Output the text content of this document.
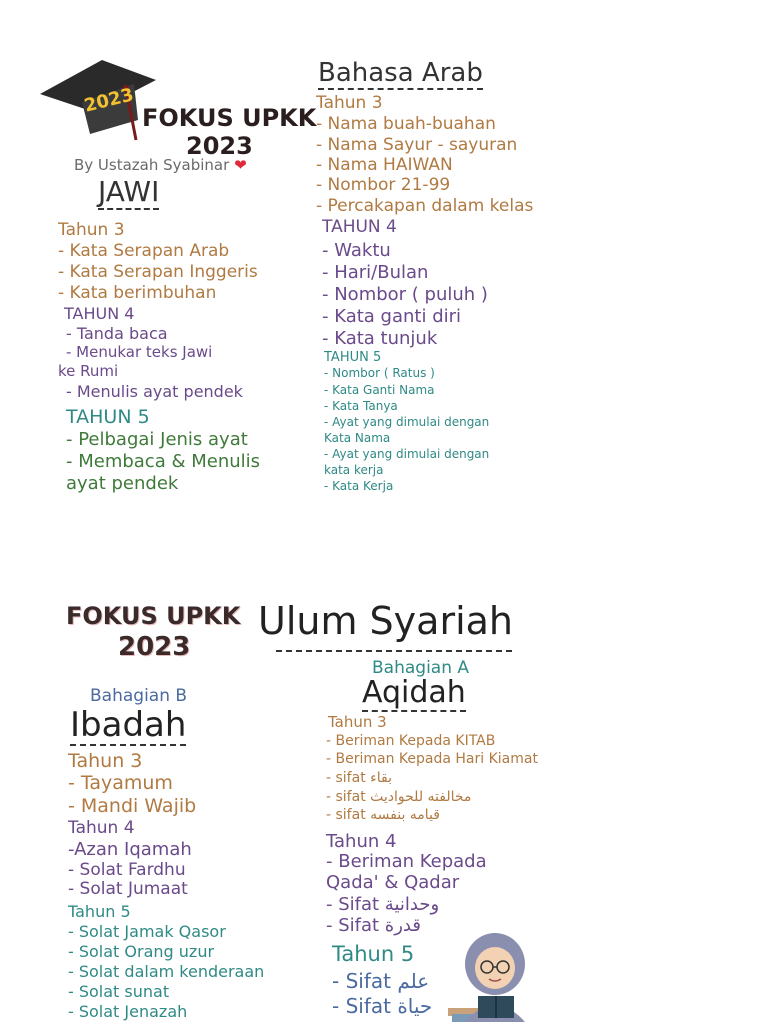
2023
FOKUS UPKK
2023
By Ustazah Syabinar ❤
JAWI
Tahun 3
- Kata Serapan Arab
- Kata Serapan Inggeris
- Kata berimbuhan
TAHUN 4
- Tanda baca
- Menukar teks Jawi
ke Rumi
- Menulis ayat pendek
TAHUN 5
- Pelbagai Jenis ayat
- Membaca & Menulis
ayat pendek
Bahasa Arab
Tahun 3
- Nama buah-buahan
- Nama Sayur - sayuran
- Nama HAIWAN
- Nombor 21-99
- Percakapan dalam kelas
TAHUN 4
- Waktu
- Hari/Bulan
- Nombor ( puluh )
- Kata ganti diri
- Kata tunjuk
TAHUN 5
- Nombor ( Ratus )
- Kata Ganti Nama
- Kata Tanya
- Ayat yang dimulai dengan
Kata Nama
- Ayat yang dimulai dengan
kata kerja
- Kata Kerja
FOKUS UPKK
2023
Ulum Syariah
Bahagian B
Ibadah
Tahun 3
- Tayamum
- Mandi Wajib
Tahun 4
-Azan Iqamah
- Solat Fardhu
- Solat Jumaat
Tahun 5
- Solat Jamak Qasor
- Solat Orang uzur
- Solat dalam kenderaan
- Solat sunat
- Solat Jenazah
Bahagian A
Aqidah
Tahun 3
- Beriman Kepada KITAB
- Beriman Kepada Hari Kiamat
- sifat بقاء
- sifat مخالفته للحواديث
- sifat قيامه بنفسه
Tahun 4
- Beriman Kepada
Qada' & Qadar
- Sifat وحدانية
- Sifat قدرة
Tahun 5
- Sifat علم
- Sifat حياة
